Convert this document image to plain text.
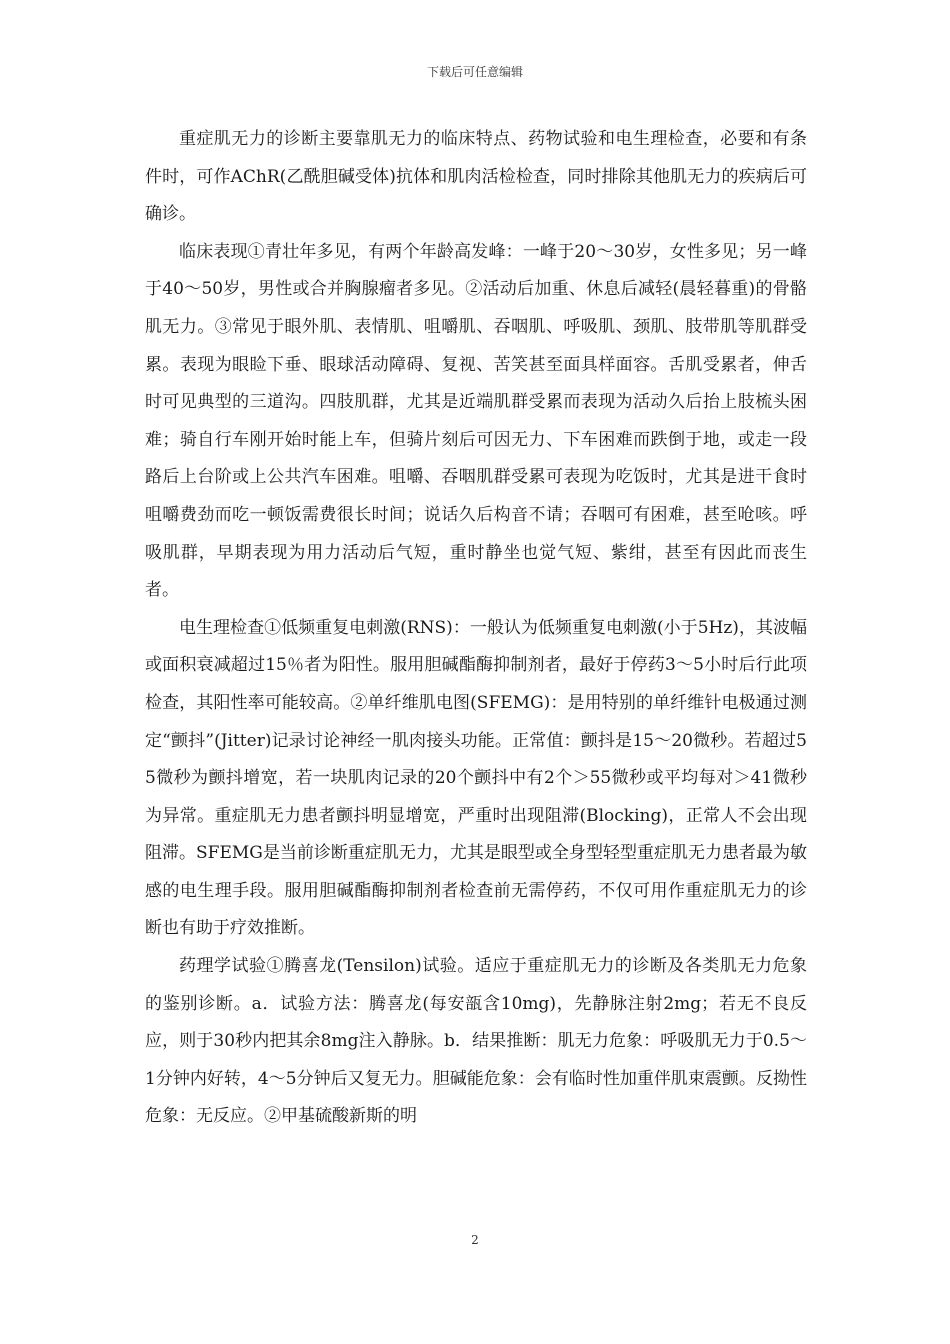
下载后可任意编辑

重症肌无力的诊断主要靠肌无力的临床特点、药物试验和电生理检查，必要和有条件时，可作AChR(乙酰胆碱受体)抗体和肌肉活检检查，同时排除其他肌无力的疾病后可确诊。

临床表现①青壮年多见，有两个年龄高发峰：一峰于20～30岁，女性多见；另一峰于40～50岁，男性或合并胸腺瘤者多见。②活动后加重、休息后减轻(晨轻暮重)的骨骼肌无力。③常见于眼外肌、表情肌、咀嚼肌、吞咽肌、呼吸肌、颈肌、肢带肌等肌群受累。表现为眼睑下垂、眼球活动障碍、复视、苦笑甚至面具样面容。舌肌受累者，伸舌时可见典型的三道沟。四肢肌群，尤其是近端肌群受累而表现为活动久后抬上肢梳头困难；骑自行车刚开始时能上车，但骑片刻后可因无力、下车困难而跌倒于地，或走一段路后上台阶或上公共汽车困难。咀嚼、吞咽肌群受累可表现为吃饭时，尤其是进干食时咀嚼费劲而吃一顿饭需费很长时间；说话久后构音不请；吞咽可有困难，甚至呛咳。呼吸肌群，早期表现为用力活动后气短，重时静坐也觉气短、紫绀，甚至有因此而丧生者。

电生理检查①低频重复电刺激(RNS)：一般认为低频重复电刺激(小于5Hz)，其波幅或面积衰减超过15％者为阳性。服用胆碱酯酶抑制剂者，最好于停药3～5小时后行此项检查，其阳性率可能较高。②单纤维肌电图(SFEMG)：是用特别的单纤维针电极通过测定“颤抖”(Jitter)记录讨论神经一肌肉接头功能。正常值：颤抖是15～20微秒。若超过55微秒为颤抖增宽，若一块肌肉记录的20个颤抖中有2个＞55微秒或平均每对＞41微秒为异常。重症肌无力患者颤抖明显增宽，严重时出现阻滞(Blocking)，正常人不会出现阻滞。SFEMG是当前诊断重症肌无力，尤其是眼型或全身型轻型重症肌无力患者最为敏感的电生理手段。服用胆碱酯酶抑制剂者检查前无需停药，不仅可用作重症肌无力的诊断也有助于疗效推断。

药理学试验①腾喜龙(Tensilon)试验。适应于重症肌无力的诊断及各类肌无力危象的鉴别诊断。a．试验方法：腾喜龙(每安瓿含10mg)，先静脉注射2mg；若无不良反应，则于30秒内把其余8mg注入静脉。b．结果推断：肌无力危象：呼吸肌无力于0.5～1分钟内好转，4～5分钟后又复无力。胆碱能危象：会有临时性加重伴肌束震颤。反拗性危象：无反应。②甲基硫酸新斯的明

2
